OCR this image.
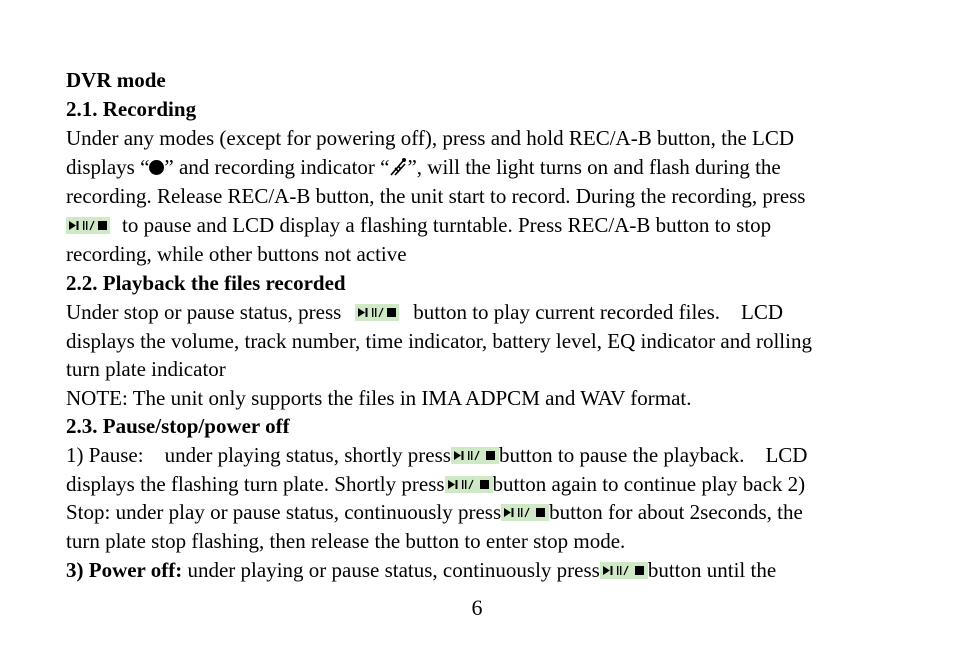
DVR mode
2.1. Recording
Under any modes (except for powering off), press and hold REC/A-B button, the LCD
displays “ ” and recording indicator “ ”, will the light turns on and flash during the
recording. Release REC/A-B button, the unit start to record. During the recording, press
to pause and LCD display a flashing turntable. Press REC/A-B button to stop
recording, while other buttons not active
2.2. Playback the files recorded
Under stop or pause status, press	button to play current recorded files.    LCD
displays the volume, track number, time indicator, battery level, EQ indicator and rolling
turn plate indicator
NOTE: The unit only supports the files in IMA ADPCM and WAV format.
2.3. Pause/stop/power off
1) Pause:    under playing status, shortly press button to pause the playback.    LCD
displays the flashing turn plate. Shortly press button again to continue play back 2)
Stop: under play or pause status, continuously press button for about 2seconds, the
turn plate stop flashing, then release the button to enter stop mode.
3) Power off: under playing or pause status, continuously press button until the
6
